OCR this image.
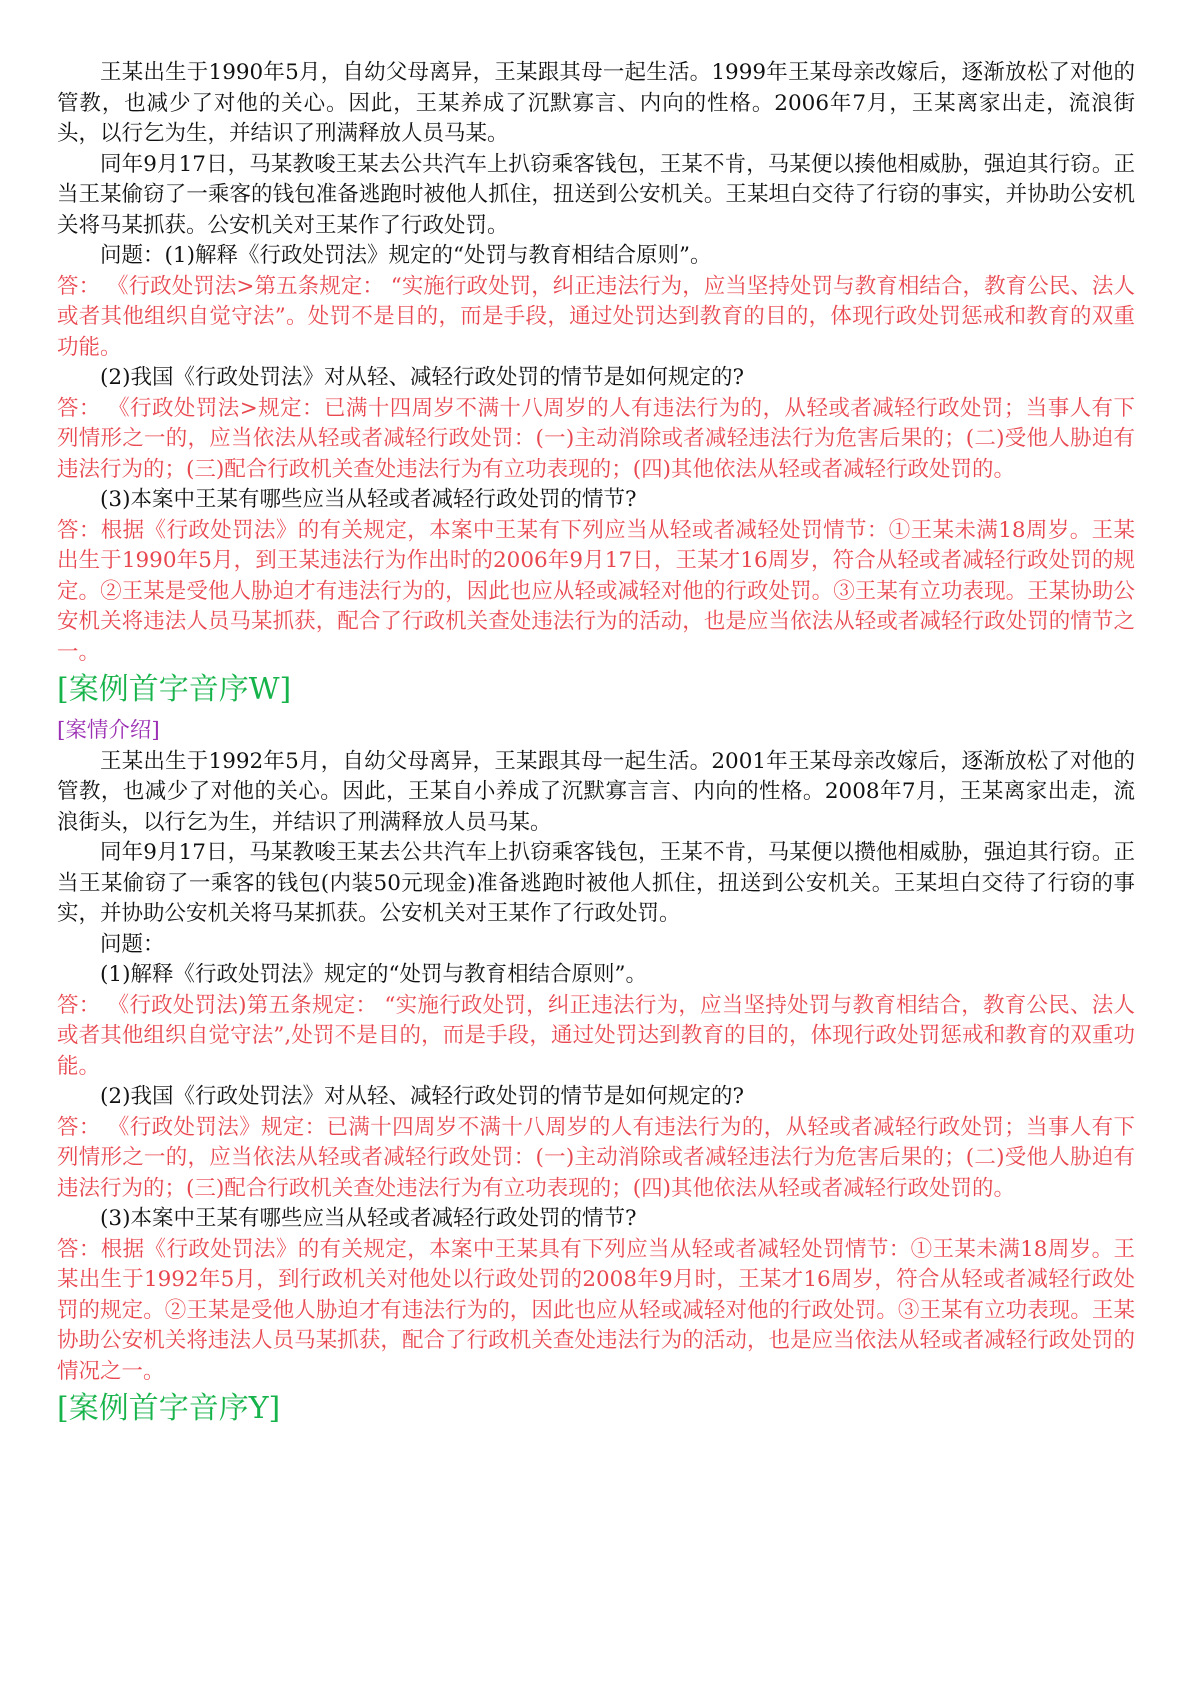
王某出生于1990年5月，自幼父母离异，王某跟其母一起生活。1999年王某母亲改嫁后，逐渐放松了对他的管教，也减少了对他的关心。因此，王某养成了沉默寡言、内向的性格。2006年7月，王某离家出走，流浪街头，以行乞为生，并结识了刑满释放人员马某。

同年9月17日，马某教唆王某去公共汽车上扒窃乘客钱包，王某不肯，马某便以揍他相威胁，强迫其行窃。正当王某偷窃了一乘客的钱包准备逃跑时被他人抓住，扭送到公安机关。王某坦白交待了行窃的事实，并协助公安机关将马某抓获。公安机关对王某作了行政处罚。

问题：(1)解释《行政处罚法》规定的“处罚与教育相结合原则”。

答： 《行政处罚法>第五条规定： “实施行政处罚，纠正违法行为，应当坚持处罚与教育相结合，教育公民、法人或者其他组织自觉守法”。处罚不是目的，而是手段，通过处罚达到教育的目的，体现行政处罚惩戒和教育的双重功能。

(2)我国《行政处罚法》对从轻、减轻行政处罚的情节是如何规定的?

答： 《行政处罚法>规定：已满十四周岁不满十八周岁的人有违法行为的，从轻或者减轻行政处罚；当事人有下列情形之一的，应当依法从轻或者减轻行政处罚：(一)主动消除或者减轻违法行为危害后果的；(二)受他人胁迫有违法行为的；(三)配合行政机关查处违法行为有立功表现的；(四)其他依法从轻或者减轻行政处罚的。

(3)本案中王某有哪些应当从轻或者减轻行政处罚的情节?

答：根据《行政处罚法》的有关规定，本案中王某有下列应当从轻或者减轻处罚情节：①王某未满18周岁。王某出生于1990年5月，到王某违法行为作出时的2006年9月17日，王某才16周岁，符合从轻或者减轻行政处罚的规定。②王某是受他人胁迫才有违法行为的，因此也应从轻或减轻对他的行政处罚。③王某有立功表现。王某协助公安机关将违法人员马某抓获，配合了行政机关查处违法行为的活动，也是应当依法从轻或者减轻行政处罚的情节之一。

[案例首字音序W]

[案情介绍]

王某出生于1992年5月，自幼父母离异，王某跟其母一起生活。2001年王某母亲改嫁后，逐渐放松了对他的管教，也减少了对他的关心。因此，王某自小养成了沉默寡言言、内向的性格。2008年7月，王某离家出走，流浪街头，以行乞为生，并结识了刑满释放人员马某。

同年9月17日，马某教唆王某去公共汽车上扒窃乘客钱包，王某不肯，马某便以攒他相威胁，强迫其行窃。正当王某偷窃了一乘客的钱包(内装50元现金)准备逃跑时被他人抓住，扭送到公安机关。王某坦白交待了行窃的事实，并协助公安机关将马某抓获。公安机关对王某作了行政处罚。

问题：

(1)解释《行政处罚法》规定的“处罚与教育相结合原则”。

答： 《行政处罚法)第五条规定： “实施行政处罚，纠正违法行为，应当坚持处罚与教育相结合，教育公民、法人或者其他组织自觉守法”,处罚不是目的，而是手段，通过处罚达到教育的目的，体现行政处罚惩戒和教育的双重功能。

(2)我国《行政处罚法》对从轻、减轻行政处罚的情节是如何规定的?

答： 《行政处罚法》规定：已满十四周岁不满十八周岁的人有违法行为的，从轻或者减轻行政处罚；当事人有下列情形之一的，应当依法从轻或者减轻行政处罚：(一)主动消除或者减轻违法行为危害后果的；(二)受他人胁迫有违法行为的；(三)配合行政机关查处违法行为有立功表现的；(四)其他依法从轻或者减轻行政处罚的。

(3)本案中王某有哪些应当从轻或者减轻行政处罚的情节?

答：根据《行政处罚法》的有关规定，本案中王某具有下列应当从轻或者减轻处罚情节：①王某未满18周岁。王某出生于1992年5月，到行政机关对他处以行政处罚的2008年9月时，王某才16周岁，符合从轻或者减轻行政处罚的规定。②王某是受他人胁迫才有违法行为的，因此也应从轻或减轻对他的行政处罚。③王某有立功表现。王某协助公安机关将违法人员马某抓获，配合了行政机关查处违法行为的活动，也是应当依法从轻或者减轻行政处罚的情况之一。

[案例首字音序Y]
